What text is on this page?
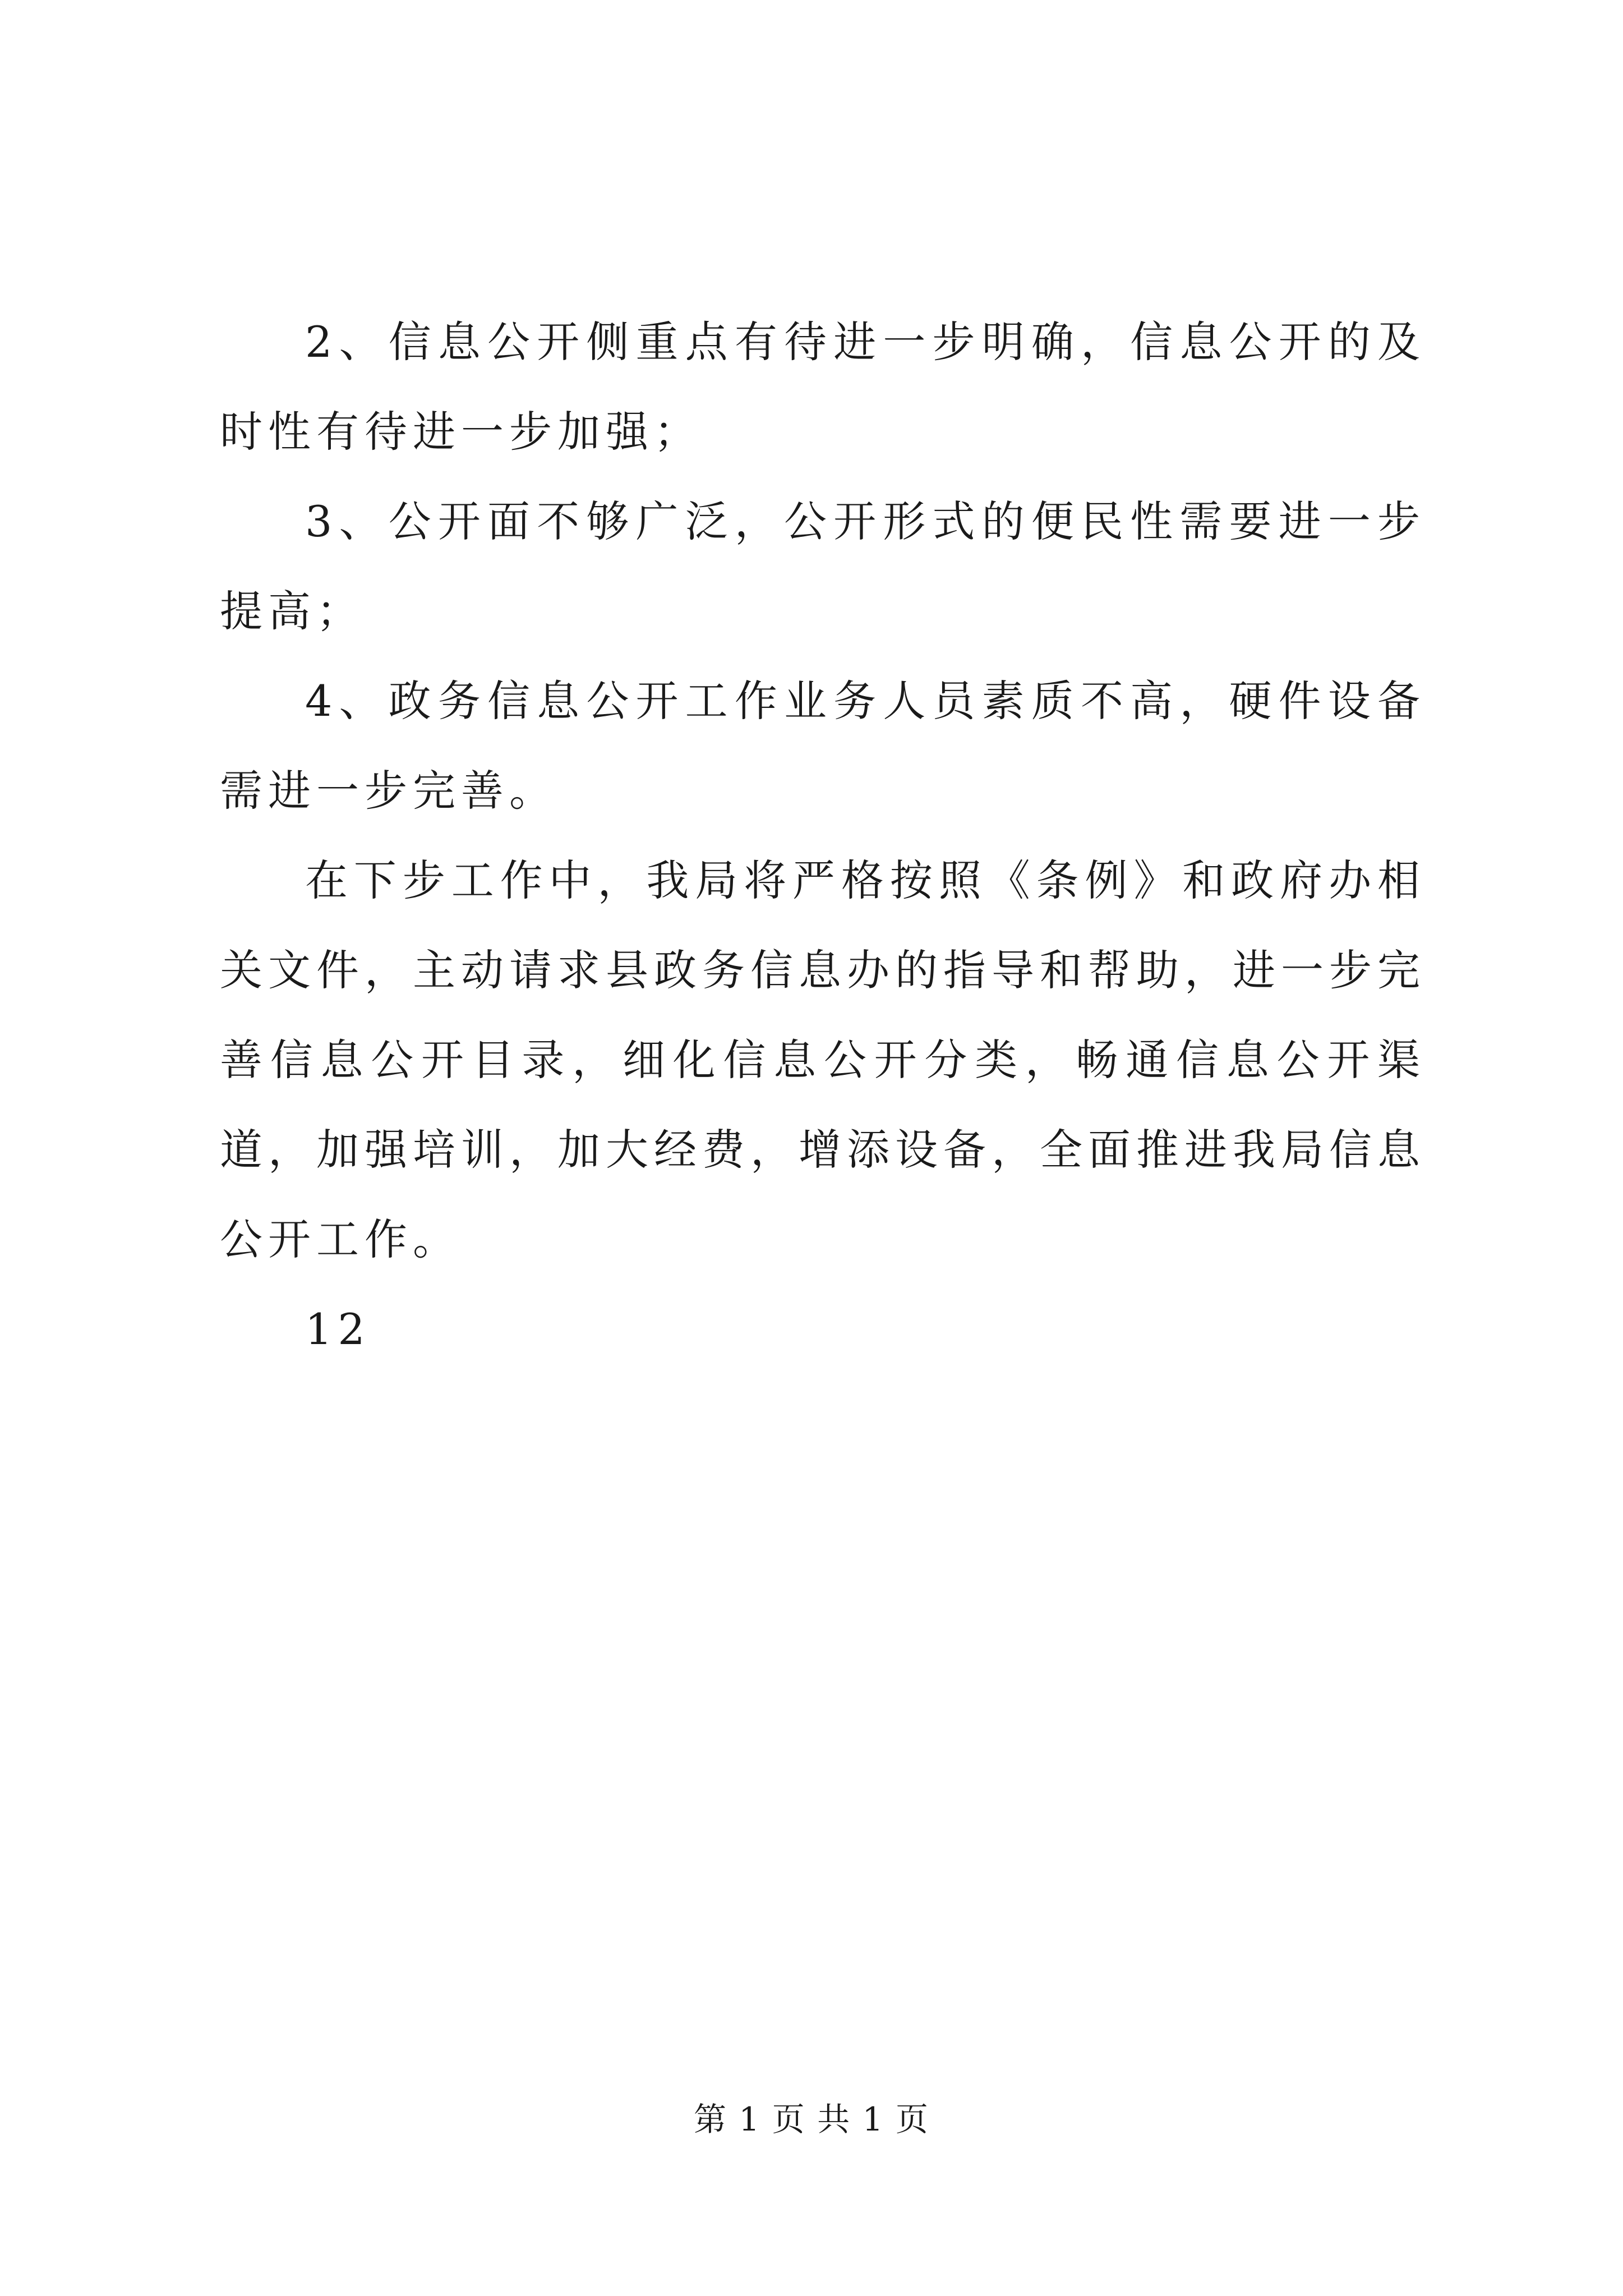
2、信息公开侧重点有待进一步明确，信息公开的及时性有待进一步加强；

3、公开面不够广泛，公开形式的便民性需要进一步提高；

4、政务信息公开工作业务人员素质不高，硬件设备需进一步完善。

在下步工作中，我局将严格按照《条例》和政府办相关文件，主动请求县政务信息办的指导和帮助，进一步完善信息公开目录，细化信息公开分类，畅通信息公开渠道，加强培训，加大经费，增添设备，全面推进我局信息公开工作。

12

第 1 页 共 1 页
